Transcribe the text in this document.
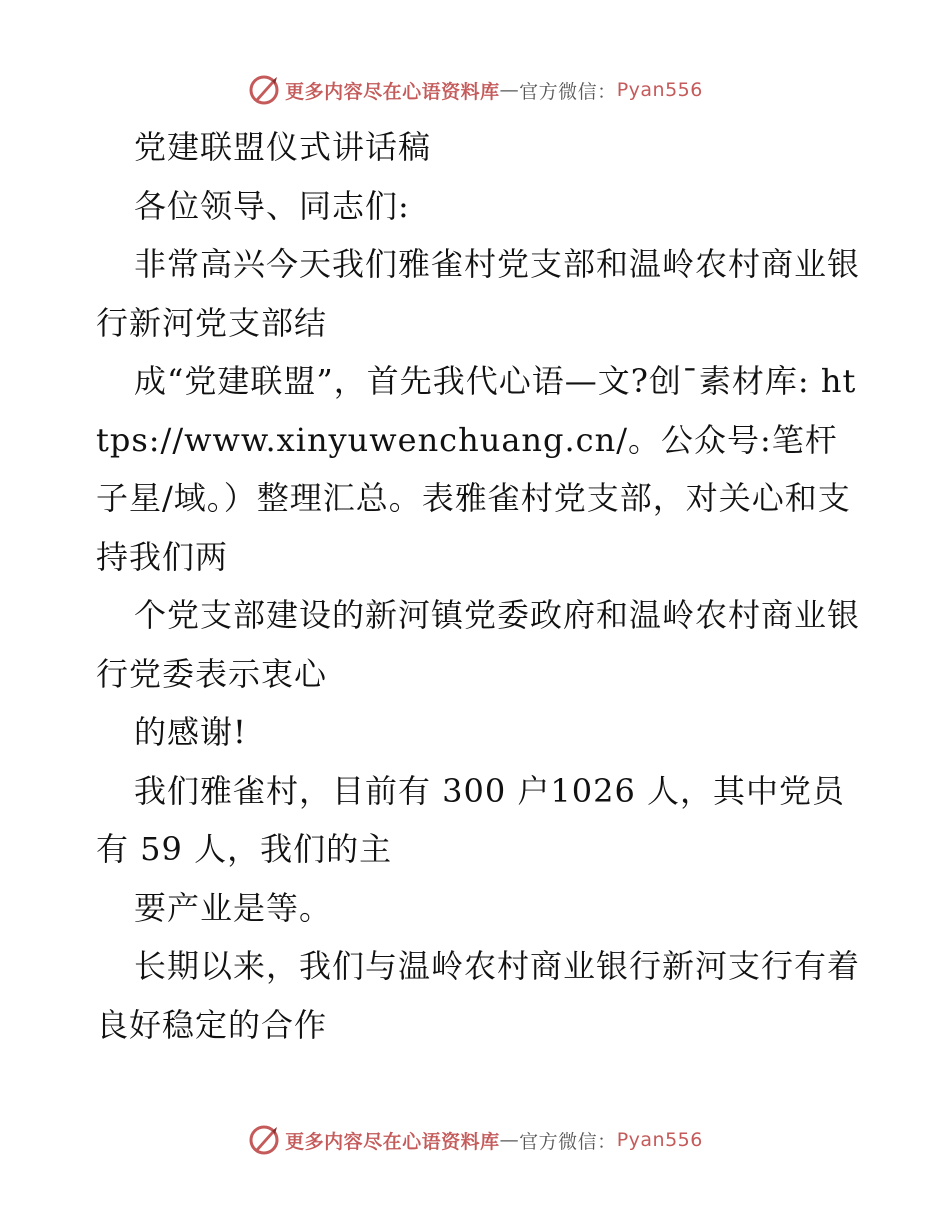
更多内容尽在心语资料库 — 官方微信： Pyan556

党建联盟仪式讲话稿

各位领导、同志们:

非常高兴今天我们雅雀村党支部和温岭农村商业银行新河党支部结

成“党建联盟”，首先我代心语—文?创¯素材库: https://www.xinyuwenchuang.cn/。公众号:笔杆子星/域。）整理汇总。表雅雀村党支部，对关心和支持我们两

个党支部建设的新河镇党委政府和温岭农村商业银行党委表示衷心

的感谢!

我们雅雀村，目前有 300 户1026 人，其中党员有 59 人，我们的主

要产业是等。

长期以来，我们与温岭农村商业银行新河支行有着良好稳定的合作

更多内容尽在心语资料库 — 官方微信： Pyan556
